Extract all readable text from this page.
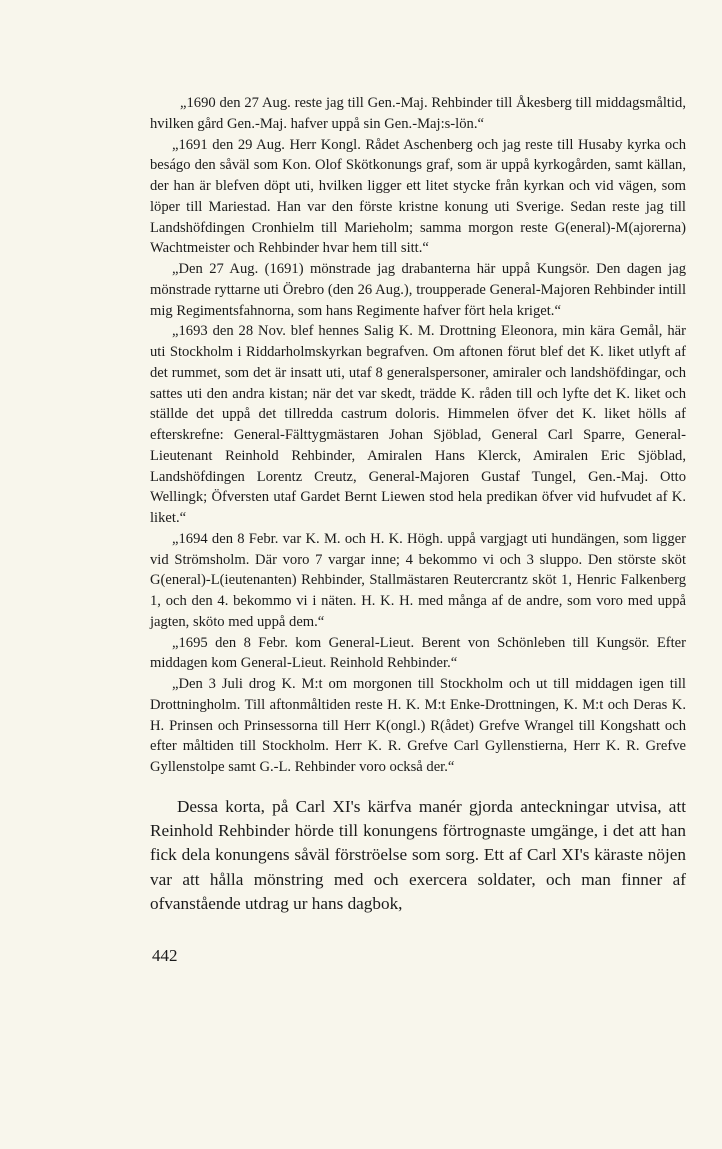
„1690 den 27 Aug. reste jag till Gen.-Maj. Rehbinder till Åkesberg till middagsmåltid, hvilken gård Gen.-Maj. hafver uppå sin Gen.-Maj:s-lön.“

„1691 den 29 Aug. Herr Kongl. Rådet Aschenberg och jag reste till Husaby kyrka och beságo den såväl som Kon. Olof Skötkonungs graf, som är uppå kyrkogården, samt källan, der han är blefven döpt uti, hvilken ligger ett litet stycke från kyrkan och vid vägen, som löper till Mariestad. Han var den förste kristne konung uti Sverige. Sedan reste jag till Landshöfdingen Cronhielm till Marieholm; samma morgon reste G(eneral)-M(ajorerna) Wachtmeister och Rehbinder hvar hem till sitt.“

„Den 27 Aug. (1691) mönstrade jag drabanterna här uppå Kungsör. Den dagen jag mönstrade ryttarne uti Örebro (den 26 Aug.), troupperade General-Majoren Rehbinder intill mig Regimentsfahnorna, som hans Regimente hafver fört hela kriget.“

„1693 den 28 Nov. blef hennes Salig K. M. Drottning Eleonora, min kära Gemål, här uti Stockholm i Riddarholmskyrkan begrafven. Om aftonen förut blef det K. liket utlyft af det rummet, som det är insatt uti, utaf 8 generalspersoner, amiraler och landshöfdingar, och sattes uti den andra kistan; när det var skedt, trädde K. råden till och lyfte det K. liket och ställde det uppå det tillredda castrum doloris. Himmelen öfver det K. liket hölls af efterskrefne: General-Fälttygmästaren Johan Sjöblad, General Carl Sparre, General-Lieutenant Reinhold Rehbinder, Amiralen Hans Klerck, Amiralen Eric Sjöblad, Landshöfdingen Lorentz Creutz, General-Majoren Gustaf Tungel, Gen.-Maj. Otto Wellingk; Öfversten utaf Gardet Bernt Liewen stod hela predikan öfver vid hufvudet af K. liket.“

„1694 den 8 Febr. var K. M. och H. K. Högh. uppå vargjagt uti hundängen, som ligger vid Strömsholm. Där voro 7 vargar inne; 4 bekommo vi och 3 sluppo. Den störste sköt G(eneral)-L(ieutenanten) Rehbinder, Stallmästaren Reutercrantz sköt 1, Henric Falkenberg 1, och den 4. bekommo vi i näten. H. K. H. med många af de andre, som voro med uppå jagten, sköto med uppå dem.“

„1695 den 8 Febr. kom General-Lieut. Berent von Schönleben till Kungsör. Efter middagen kom General-Lieut. Reinhold Rehbinder.“

„Den 3 Juli drog K. M:t om morgonen till Stockholm och ut till middagen igen till Drottningholm. Till aftonmåltiden reste H. K. M:t Enke-Drottningen, K. M:t och Deras K. H. Prinsen och Prinsessorna till Herr K(ongl.) R(ådet) Grefve Wrangel till Kongshatt och efter måltiden till Stockholm. Herr K. R. Grefve Carl Gyllenstierna, Herr K. R. Grefve Gyllenstolpe samt G.-L. Rehbinder voro också der.“

Dessa korta, på Carl XI's kärfva manér gjorda anteckningar utvisa, att Reinhold Rehbinder hörde till konungens förtrognaste umgänge, i det att han fick dela konungens såväl förströelse som sorg. Ett af Carl XI's käraste nöjen var att hålla mönstring med och exercera soldater, och man finner af ofvanstående utdrag ur hans dagbok,

442
